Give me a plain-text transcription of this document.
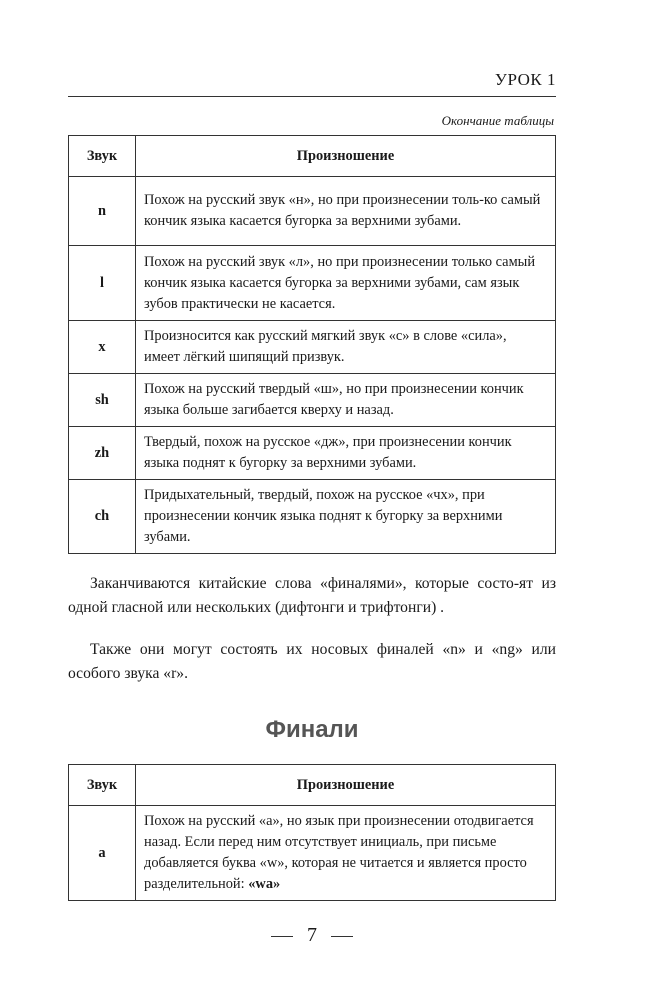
УРОК 1
Окончание таблицы
Звук	Произношение
n	Похож на русский звук «н», но при произнесении толь-ко самый кончик языка касается бугорка за верхними зубами.
l	Похож на русский звук «л», но при произнесении только самый кончик языка касается бугорка за верхними зубами, сам язык зубов практически не касается.
x	Произносится как русский мягкий звук «с» в слове «сила», имеет лёгкий шипящий призвук.
sh	Похож на русский твердый «ш», но при произнесении кончик языка больше загибается кверху и назад.
zh	Твердый, похож на русское «дж», при произнесении кончик языка поднят к бугорку за верхними зубами.
ch	Придыхательный, твердый, похож на русское «чх», при произнесении кончик языка поднят к бугорку за верхними зубами.

Заканчиваются китайские слова «финалями», которые состо-ят из одной гласной или нескольких (дифтонги и трифтонги) .

Также они могут состоять их носовых финалей «n» и «ng» или особого звука «r».

Финали
Звук	Произношение
a	Похож на русский «а», но язык при произнесении отодвигается назад. Если перед ним отсутствует инициаль, при письме добавляется буква «w», которая не читается и является просто разделительной: «wa»
7
